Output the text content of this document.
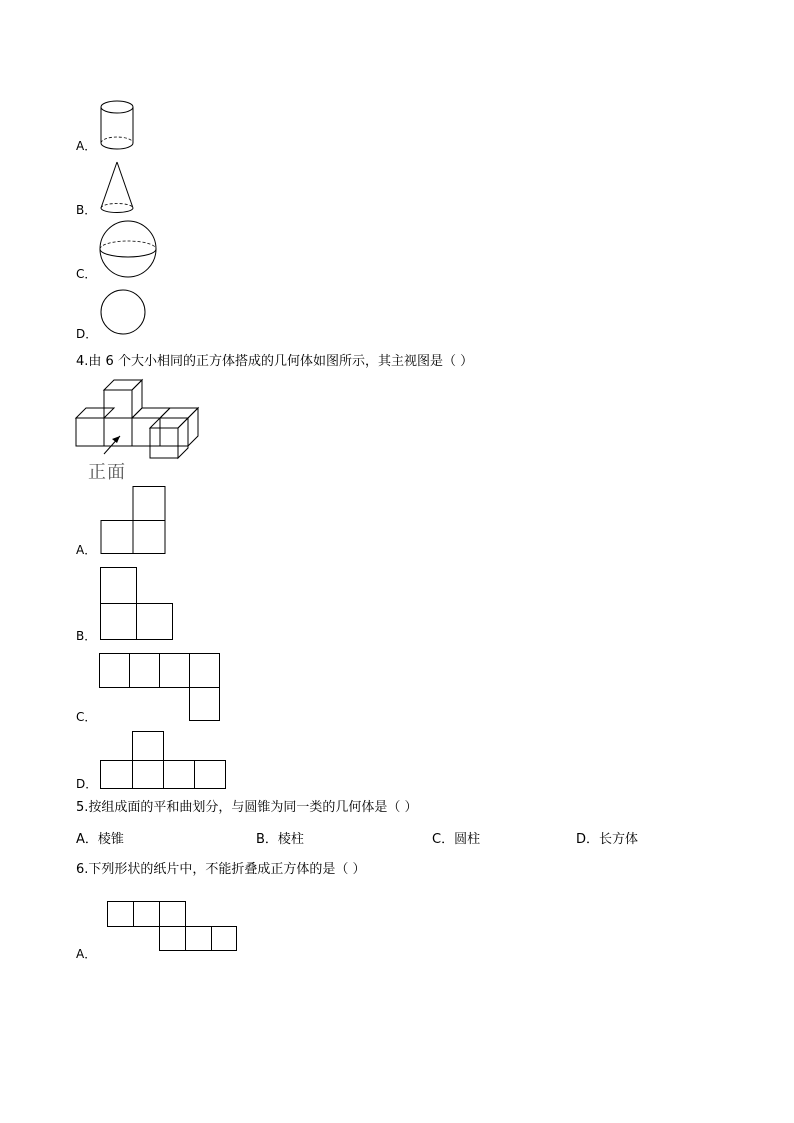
A．
B．
C．
D．
4.由 6 个大小相同的正方体搭成的几何体如图所示，其主视图是（ ）
正面
A．
B．
C．
D．
5.按组成面的平和曲划分，与圆锥为同一类的几何体是（ ）
A．棱锥	B．棱柱	C．圆柱	D．长方体
6.下列形状的纸片中，不能折叠成正方体的是（ ）
A．
